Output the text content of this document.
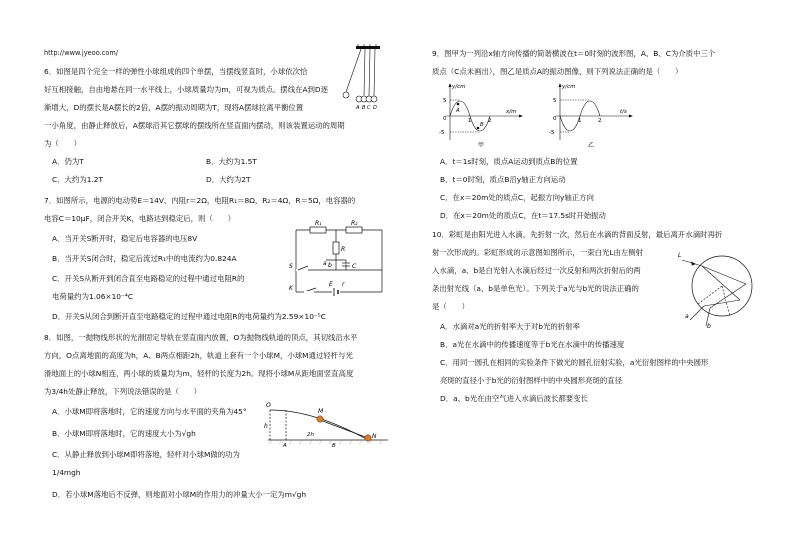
http://www.jyeoo.com/
6．如图是四个完全一样的弹性小球组成的四个单摆，当摆线竖直时，小球依次恰
好互相接触，自由地悬在同一水平线上，小球质量均为m，可视为质点。摆线在A到D逐
渐增大，D的摆长是A摆长的2倍，A摆的振动周期为T，现将A摆球拉离平衡位置
一小角度，由静止释放后，A摆球沿其它摆球的摆线所在竖直面内摆动，则该装置运动的周期
为（　　）
A．仍为T	B．大约为1.5T
C．大约为1.2T	D．大约为2T
A B C D
7．如图所示，电源的电动势E＝14V、内阻r＝2Ω，电阻R₁＝8Ω，R₂＝4Ω，R＝5Ω，电容器的
电容C＝10μF，闭合开关K，电路达到稳定后，则（　　）
A．当开关S断开时，稳定后电容器的电压8V
B．当开关S闭合时，稳定后流过R₁中的电流约为0.824A
C．开关S从断开到闭合直至电路稳定的过程中通过电阻R的
电荷量约为1.06×10⁻⁴C
D．开关S从闭合到断开直至电路稳定的过程中通过电阻R的电荷量约为2.59×10⁻⁵C
R₁	R₂
R
a b	C
S
K
E r
8．如图，一抛物线形状的光滑固定导轨在竖直面内放置，O为抛物线轨道的顶点，其切线沿水平
方向，O点离地面的高度为h，A、B两点相距2h，轨道上套有一个小球M，小球M通过轻杆与光
滑地面上的小球N相连，两小球的质量均为m，轻杆的长度为2h。现将小球M从距地面竖直高度
为3/4h处静止释放，下列说法错误的是（　　）
A．小球M即将落地时，它的速度方向与水平面的夹角为45°
B．小球M即将落地时，它的速度大小为√gh
C．从静止释放到小球M即将落地，轻杆对小球M做的功为
1/4mgh
D．若小球M落地后不反弹，则地面对小球M的作用力的冲量大小一定为m√gh
O
M
N
h
A
2h
B
9．图甲为一列沿x轴方向传播的简谐横波在t＝0时刻的波形图，A、B、C为介质中三个
质点（C点未画出），图乙是质点A的振动图像，则下列说法正确的是（　　）
y/cm
x/m
5
0
-5
1	2
A
B
甲
y/cm
t/s
5
0
-5
1	2
乙
A．t＝1s时刻，质点A运动到质点B的位置
B．t＝0时刻，质点B沿y轴正方向运动
C．在x＝20m处的质点C，起振方向y轴正方向
D．在x＝20m处的质点C，在t＝17.5s时开始振动
10．彩虹是由阳光进入水滴，先折射一次，然后在水滴的背面反射，最后离开水滴时再折
射一次形成的。彩虹形成的示意图如图所示，一束白光L由左侧射
入水滴，a、b是白光射入水滴后经过一次反射和两次折射后的两
条出射光线（a、b是单色光）。下列关于a光与b光的说法正确的
是（　　）
L
a
b
A．水滴对a光的折射率大于对b光的折射率
B．a光在水滴中的传播速度等于b光在水滴中的传播速度
C．用同一圆孔在相同的实验条件下做光的圆孔衍射实验，a光衍射图样的中央圆形
亮斑的直径小于b光的衍射图样中的中央圆形亮斑的直径
D．a、b光在由空气进入水滴后波长都要变长
